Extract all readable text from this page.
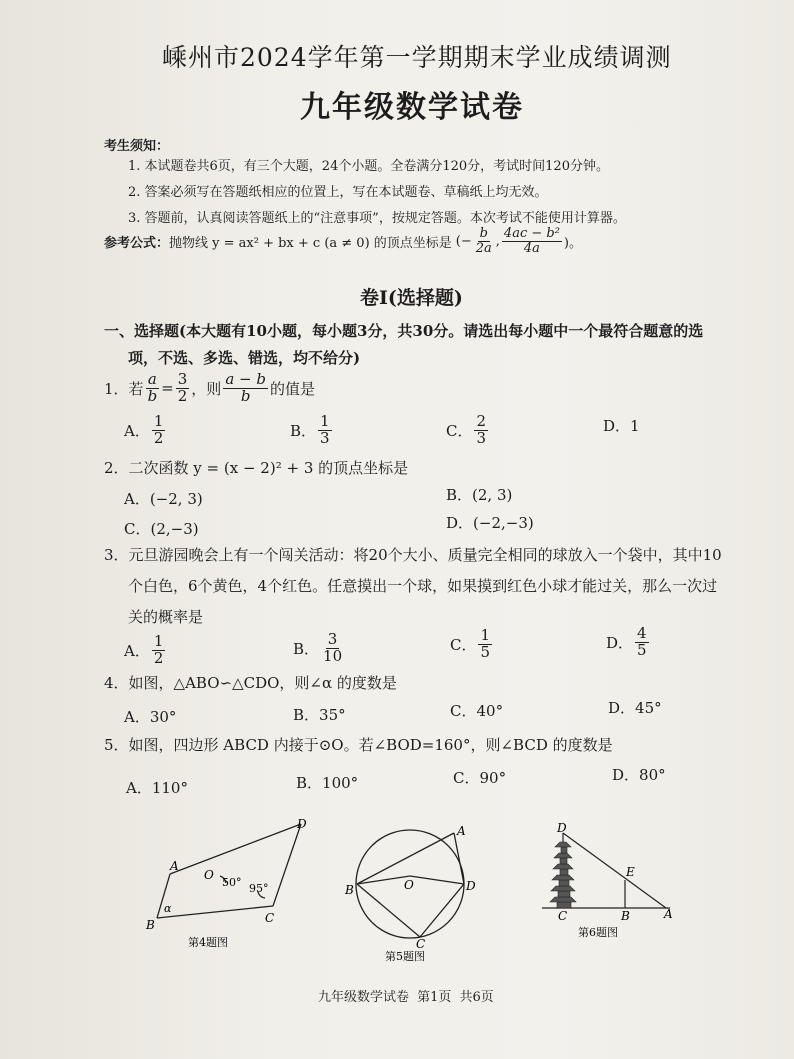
嵊州市2024学年第一学期期末学业成绩调测
九年级数学试卷
考生须知：
1. 本试题卷共6页，有三个大题，24个小题。全卷满分120分，考试时间120分钟。
2. 答案必须写在答题纸相应的位置上，写在本试题卷、草稿纸上均无效。
3. 答题前，认真阅读答题纸上的“注意事项”，按规定答题。本次考试不能使用计算器。
参考公式： 抛物线 y = ax² + bx + c (a ≠ 0) 的顶点坐标是 (− $\frac{b}{2a}$ , $\frac{\text{4ac − b²}}{4a}$ )。
卷I(选择题)
一、选择题(本大题有10小题，每小题3分，共30分。请选出每小题中一个最符合题意的选
项，不选、多选、错选，均不给分)
1． 若 $\frac{a}{b} = \frac{3}{2}$ ，则 $\frac{a - b}{b}$ 的值是
A． $\frac{1}{2}$	B． $\frac{1}{3}$	C． $\frac{2}{3}$	D．1
2．二次函数 y = (x − 2)² + 3 的顶点坐标是
A．(−2, 3)	B．(2, 3)
C．(2,−3)	D．(−2,−3)
3．元旦游园晚会上有一个闯关活动：将20个大小、质量完全相同的球放入一个袋中，其中10
个白色，6个黄色，4个红色。任意摸出一个球，如果摸到红色小球才能过关，那么一次过
关的概率是
A． $\frac{1}{2}$	B． $\frac{3}{10}$	C． $\frac{1}{5}$	D． $\frac{4}{5}$
4．如图，△ABO∽△CDO，则∠α 的度数是
A．30°	B．35°	C．40°	D．45°
5．如图，四边形 ABCD 内接于⊙O。若∠BOD=160°，则∠BCD 的度数是
A．110°	B．100°	C．90°	D．80°
A
B	C
D
O
α
50° 95°
第4题图
A
B
C
D
O
第5题图
D
E
C	B	A
第6题图
九年级数学试卷 第1页 共6页
